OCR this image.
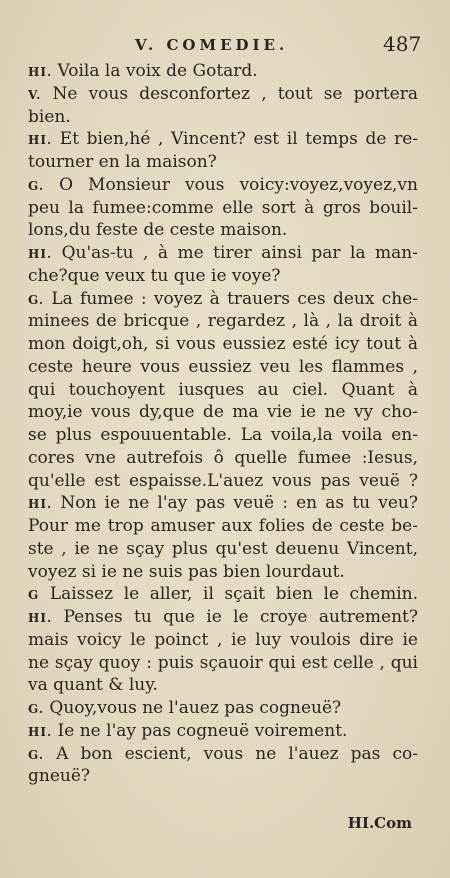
V. COMEDIE.	487
HI. Voila la voix de Gotard.
V. Ne vous desconfortez , tout se portera
bien.
HI. Et bien,hé , Vincent? est il temps de re-
tourner en la maison?
G. O Monsieur vous voicy:voyez,voyez,vn
peu la fumee:comme elle sort à gros bouil-
lons,du feste de ceste maison.
HI. Qu'as-tu , à me tirer ainsi par la man-
che?que veux tu que ie voye?
G. La fumee : voyez à trauers ces deux che-
minees de bricque , regardez , là , la droit à
mon doigt,oh, si vous eussiez esté icy tout à
ceste heure vous eussiez veu les flammes ,
qui touchoyent iusques au ciel. Quant à
moy,ie vous dy,que de ma vie ie ne vy cho-
se plus espouuentable. La voila,la voila en-
cores vne autrefois ô quelle fumee :Iesus,
qu'elle est espaisse.L'auez vous pas veuë ?
HI. Non ie ne l'ay pas veuë : en as tu veu?
Pour me trop amuser aux folies de ceste be-
ste , ie ne sçay plus qu'est deuenu Vincent,
voyez si ie ne suis pas bien lourdaut.
G Laissez le aller, il sçait bien le chemin.
HI. Penses tu que ie le croye autrement?
mais voicy le poinct , ie luy voulois dire ie
ne sçay quoy : puis sçauoir qui est celle , qui
va quant & luy.
G. Quoy,vous ne l'auez pas cogneuë?
HI. Ie ne l'ay pas cogneuë voirement.
G. A bon escient, vous ne l'auez pas co-
gneuë?
HI.Com
